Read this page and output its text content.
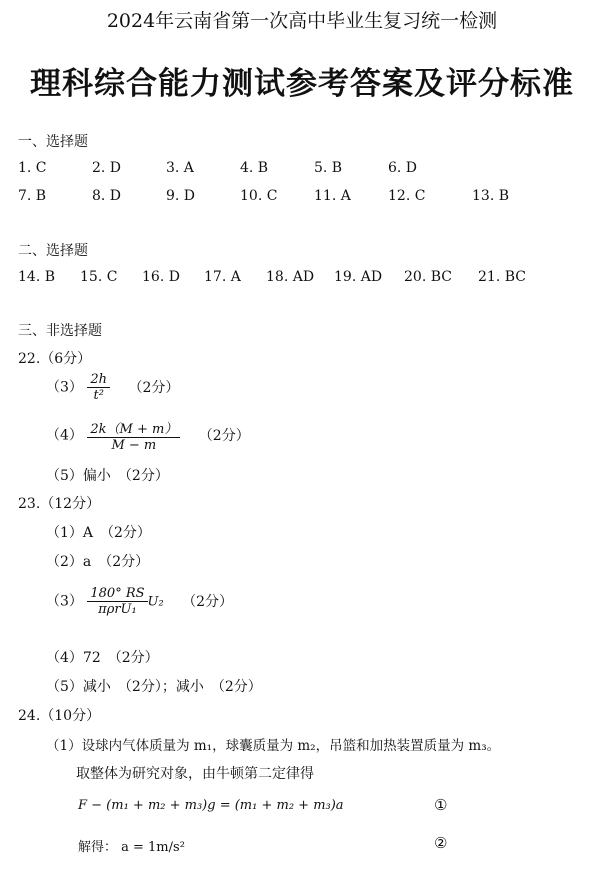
2024年云南省第一次高中毕业生复习统一检测
理科综合能力测试参考答案及评分标准
一、选择题
1. C	2. D	3. A	4. B	5. B	6. D
7. B	8. D	9. D	10. C	11. A	12. C	13. B
二、选择题
14. B 15. C 16. D 17. A 18. AD 19. AD 20. BC 21. BC
三、非选择题
22.（6分）
$(3) \frac{2h}{\text{t²}} (2$分）
$(4) \frac{2k(M + m)}{M - m} (2$分）
（5）偏小　（2分）
23.（12分）
（1）A　（2分）
（2）a　（2分）
$(3) \frac{180^\circ RS}{\text{πρrU₁}} U_2$ （2分）
（4）72　（2分）
（5）减小　（2分）；减小　（2分）
24.（10分）
（1）设球内气体质量为 m₁，球囊质量为 m₂，吊篮和加热装置质量为 m₃。
取整体为研究对象，由牛顿第二定律得
F − (m₁ + m₂ + m₃)g = (m₁ + m₂ + m₃)a	①
解得： a = 1m/s²	②
